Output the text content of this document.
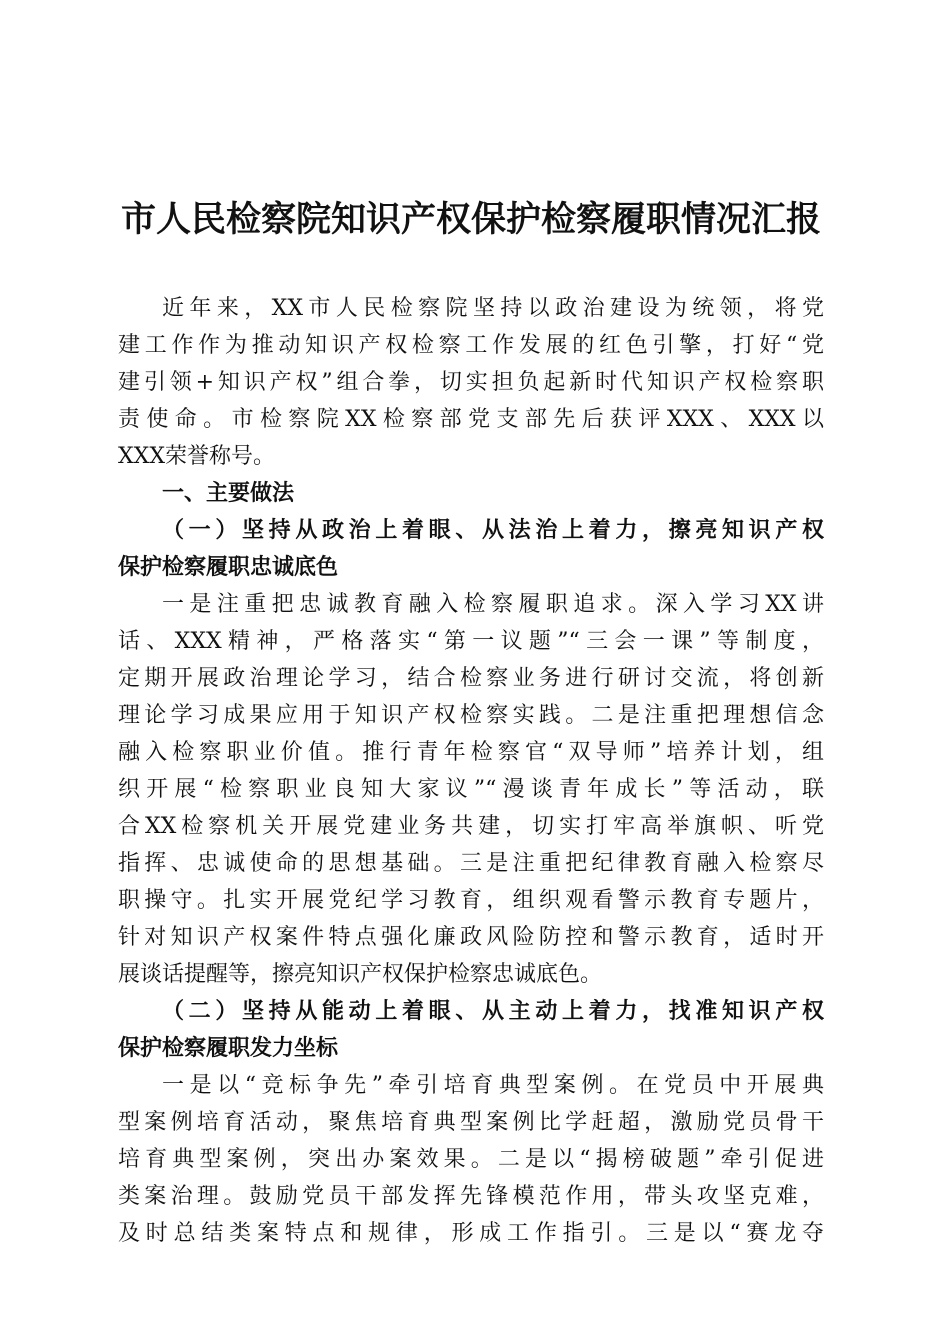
市人民检察院知识产权保护检察履职情况汇报

近年来，XX市人民检察院坚持以政治建设为统领，将党
建工作作为推动知识产权检察工作发展的红色引擎，打好“党
建引领+知识产权”组合拳，切实担负起新时代知识产权检察职
责使命。市检察院XX检察部党支部先后获评XXX、XXX以
XXX荣誉称号。

一、主要做法

（一）坚持从政治上着眼、从法治上着力，擦亮知识产权
保护检察履职忠诚底色

一是注重把忠诚教育融入检察履职追求。深入学习XX讲
话、XXX精神，严格落实“第一议题”“三会一课”等制度，
定期开展政治理论学习，结合检察业务进行研讨交流，将创新
理论学习成果应用于知识产权检察实践。二是注重把理想信念
融入检察职业价值。推行青年检察官“双导师”培养计划，组
织开展“检察职业良知大家议”“漫谈青年成长”等活动，联
合XX检察机关开展党建业务共建，切实打牢高举旗帜、听党
指挥、忠诚使命的思想基础。三是注重把纪律教育融入检察尽
职操守。扎实开展党纪学习教育，组织观看警示教育专题片，
针对知识产权案件特点强化廉政风险防控和警示教育，适时开
展谈话提醒等，擦亮知识产权保护检察忠诚底色。

（二）坚持从能动上着眼、从主动上着力，找准知识产权
保护检察履职发力坐标

一是以“竞标争先”牵引培育典型案例。在党员中开展典
型案例培育活动，聚焦培育典型案例比学赶超，激励党员骨干
培育典型案例，突出办案效果。二是以“揭榜破题”牵引促进
类案治理。鼓励党员干部发挥先锋模范作用，带头攻坚克难，
及时总结类案特点和规律，形成工作指引。三是以“赛龙夺
